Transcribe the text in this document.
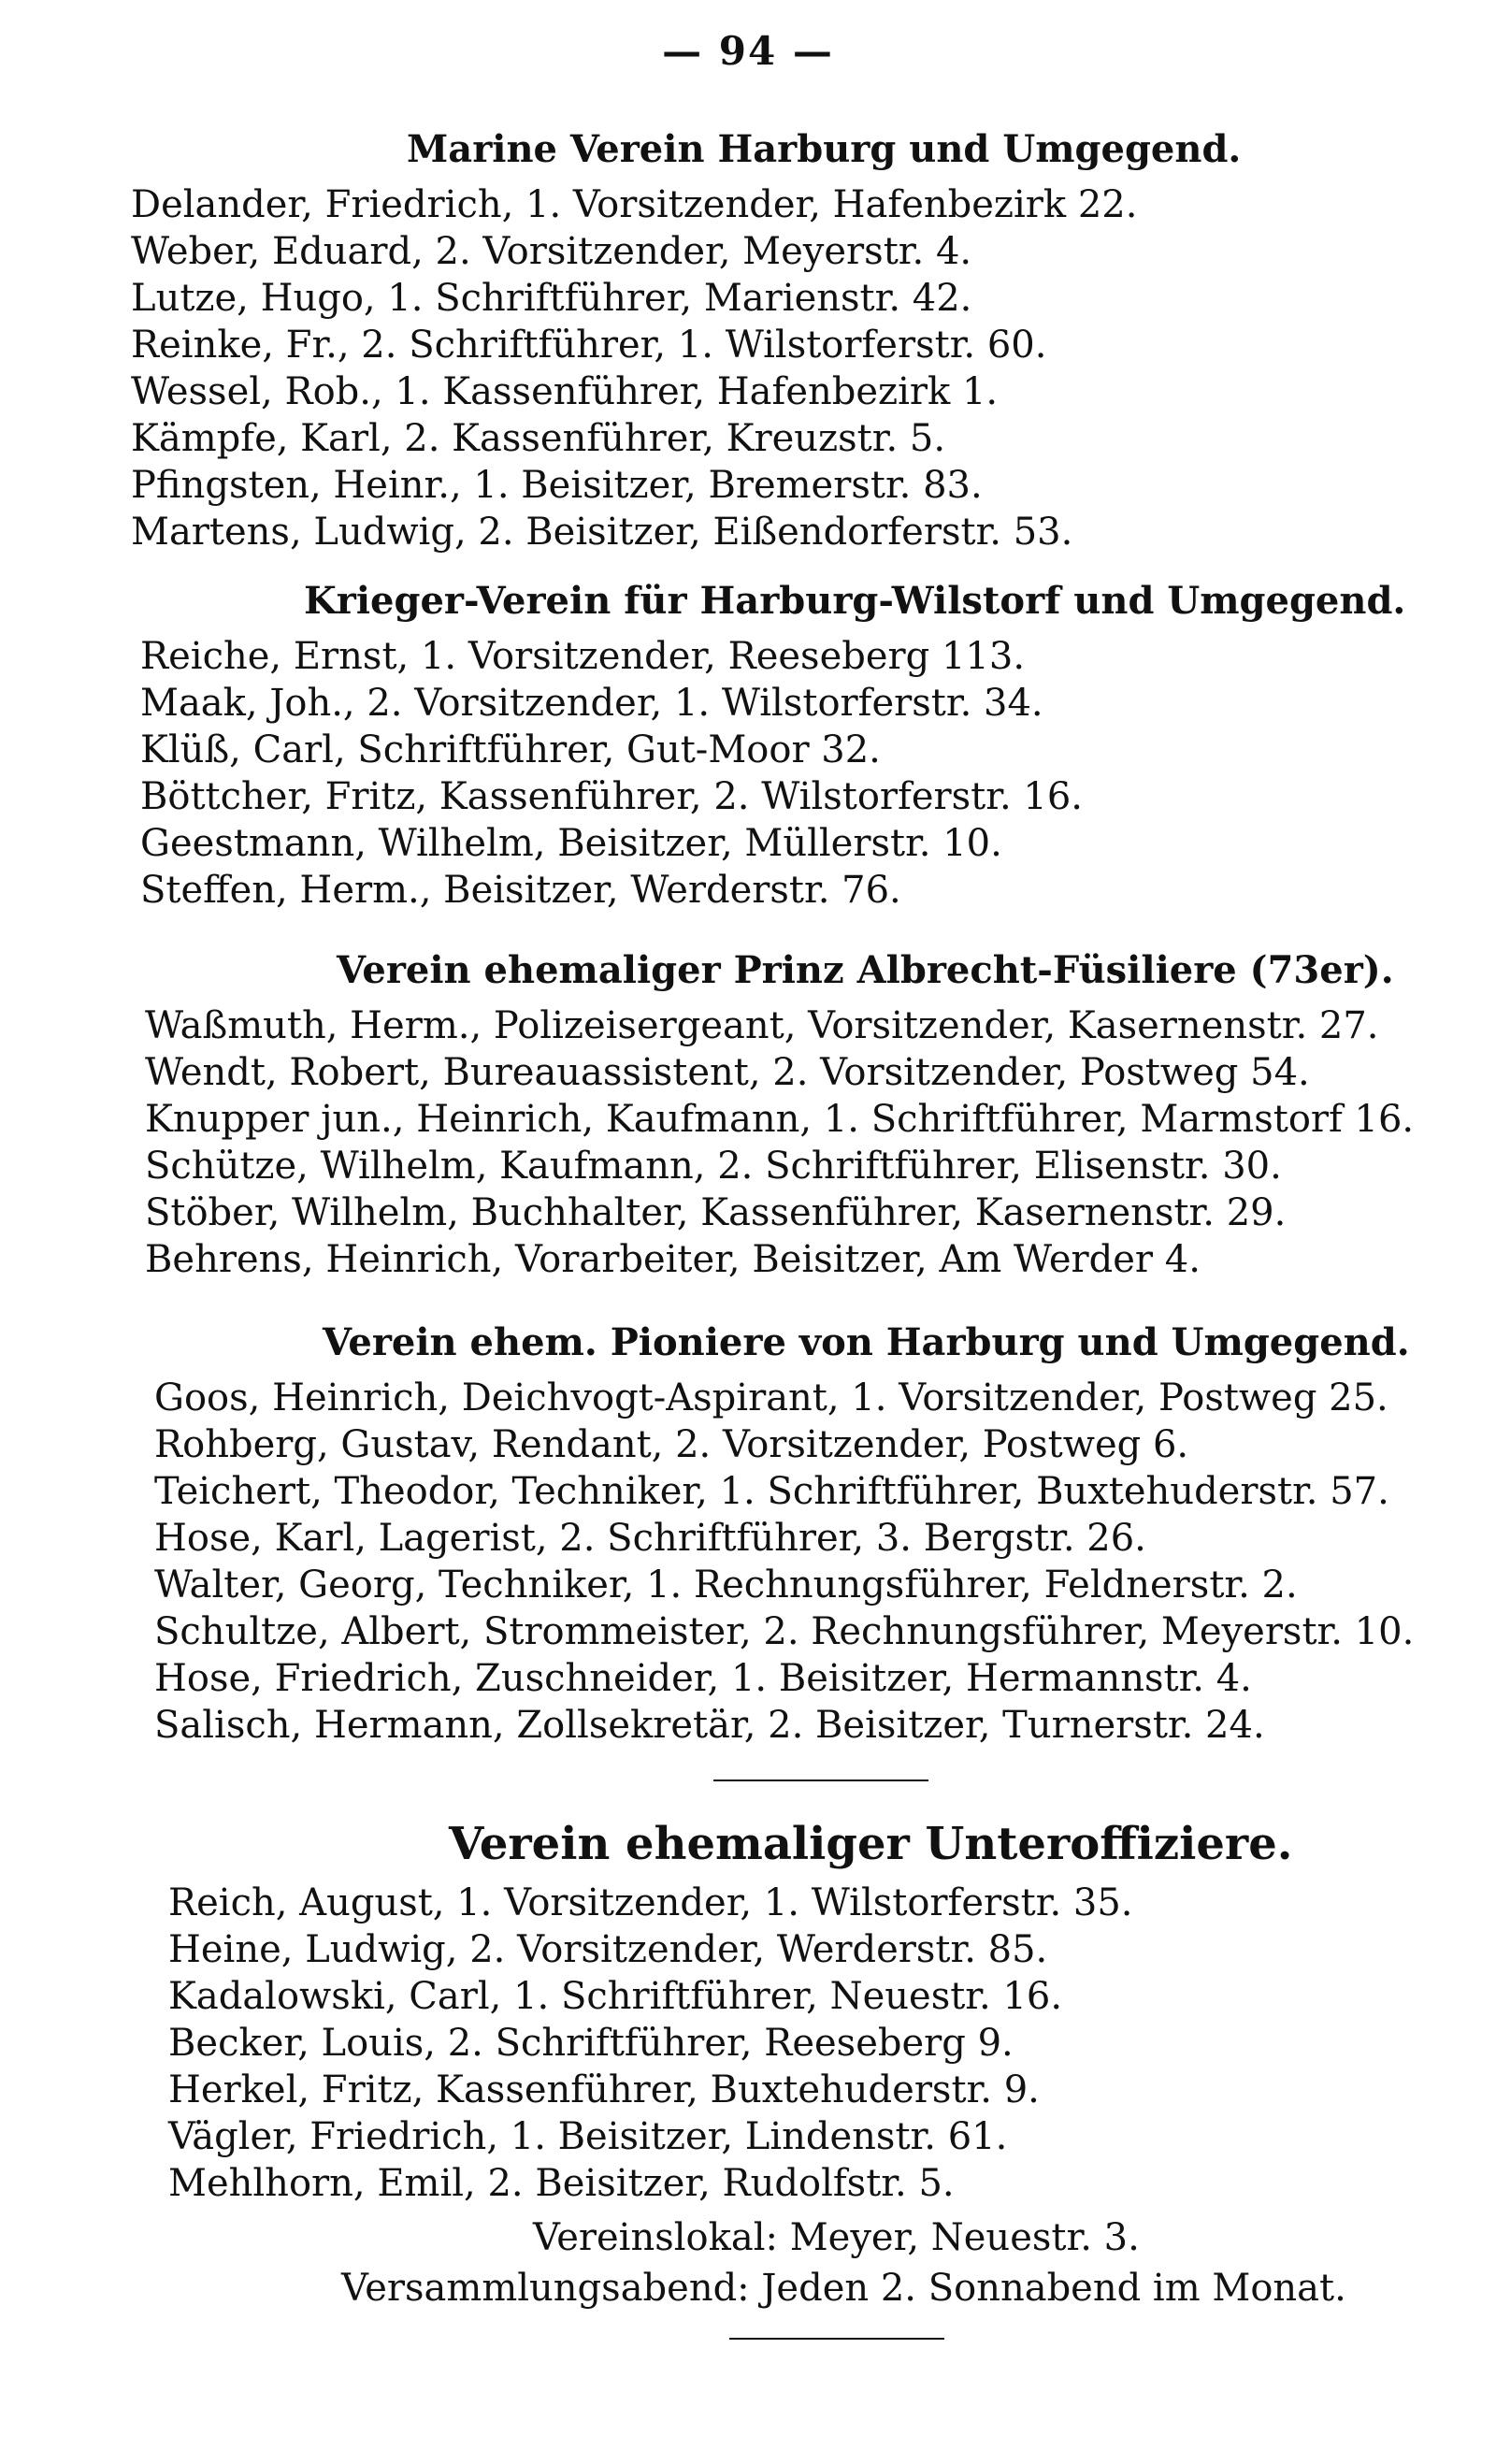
— 94 —
Marine Verein Harburg und Umgegend.
Delander, Friedrich, 1. Vorsitzender, Hafenbezirk 22.
Weber, Eduard, 2. Vorsitzender, Meyerstr. 4.
Lutze, Hugo, 1. Schriftführer, Marienstr. 42.
Reinke, Fr., 2. Schriftführer, 1. Wilstorferstr. 60.
Wessel, Rob., 1. Kassenführer, Hafenbezirk 1.
Kämpfe, Karl, 2. Kassenführer, Kreuzstr. 5.
Pfingsten, Heinr., 1. Beisitzer, Bremerstr. 83.
Martens, Ludwig, 2. Beisitzer, Eißendorferstr. 53.
Krieger-Verein für Harburg-Wilstorf und Umgegend.
Reiche, Ernst, 1. Vorsitzender, Reeseberg 113.
Maak, Joh., 2. Vorsitzender, 1. Wilstorferstr. 34.
Klüß, Carl, Schriftführer, Gut-Moor 32.
Böttcher, Fritz, Kassenführer, 2. Wilstorferstr. 16.
Geestmann, Wilhelm, Beisitzer, Müllerstr. 10.
Steffen, Herm., Beisitzer, Werderstr. 76.
Verein ehemaliger Prinz Albrecht-Füsiliere (73er).
Waßmuth, Herm., Polizeisergeant, Vorsitzender, Kasernenstr. 27.
Wendt, Robert, Bureauassistent, 2. Vorsitzender, Postweg 54.
Knupper jun., Heinrich, Kaufmann, 1. Schriftführer, Marmstorf 16.
Schütze, Wilhelm, Kaufmann, 2. Schriftführer, Elisenstr. 30.
Stöber, Wilhelm, Buchhalter, Kassenführer, Kasernenstr. 29.
Behrens, Heinrich, Vorarbeiter, Beisitzer, Am Werder 4.
Verein ehem. Pioniere von Harburg und Umgegend.
Goos, Heinrich, Deichvogt-Aspirant, 1. Vorsitzender, Postweg 25.
Rohberg, Gustav, Rendant, 2. Vorsitzender, Postweg 6.
Teichert, Theodor, Techniker, 1. Schriftführer, Buxtehuderstr. 57.
Hose, Karl, Lagerist, 2. Schriftführer, 3. Bergstr. 26.
Walter, Georg, Techniker, 1. Rechnungsführer, Feldnerstr. 2.
Schultze, Albert, Strommeister, 2. Rechnungsführer, Meyerstr. 10.
Hose, Friedrich, Zuschneider, 1. Beisitzer, Hermannstr. 4.
Salisch, Hermann, Zollsekretär, 2. Beisitzer, Turnerstr. 24.
Verein ehemaliger Unteroffiziere.
Reich, August, 1. Vorsitzender, 1. Wilstorferstr. 35.
Heine, Ludwig, 2. Vorsitzender, Werderstr. 85.
Kadalowski, Carl, 1. Schriftführer, Neuestr. 16.
Becker, Louis, 2. Schriftführer, Reeseberg 9.
Herkel, Fritz, Kassenführer, Buxtehuderstr. 9.
Vägler, Friedrich, 1. Beisitzer, Lindenstr. 61.
Mehlhorn, Emil, 2. Beisitzer, Rudolfstr. 5.
Vereinslokal: Meyer, Neuestr. 3.
Versammlungsabend: Jeden 2. Sonnabend im Monat.
